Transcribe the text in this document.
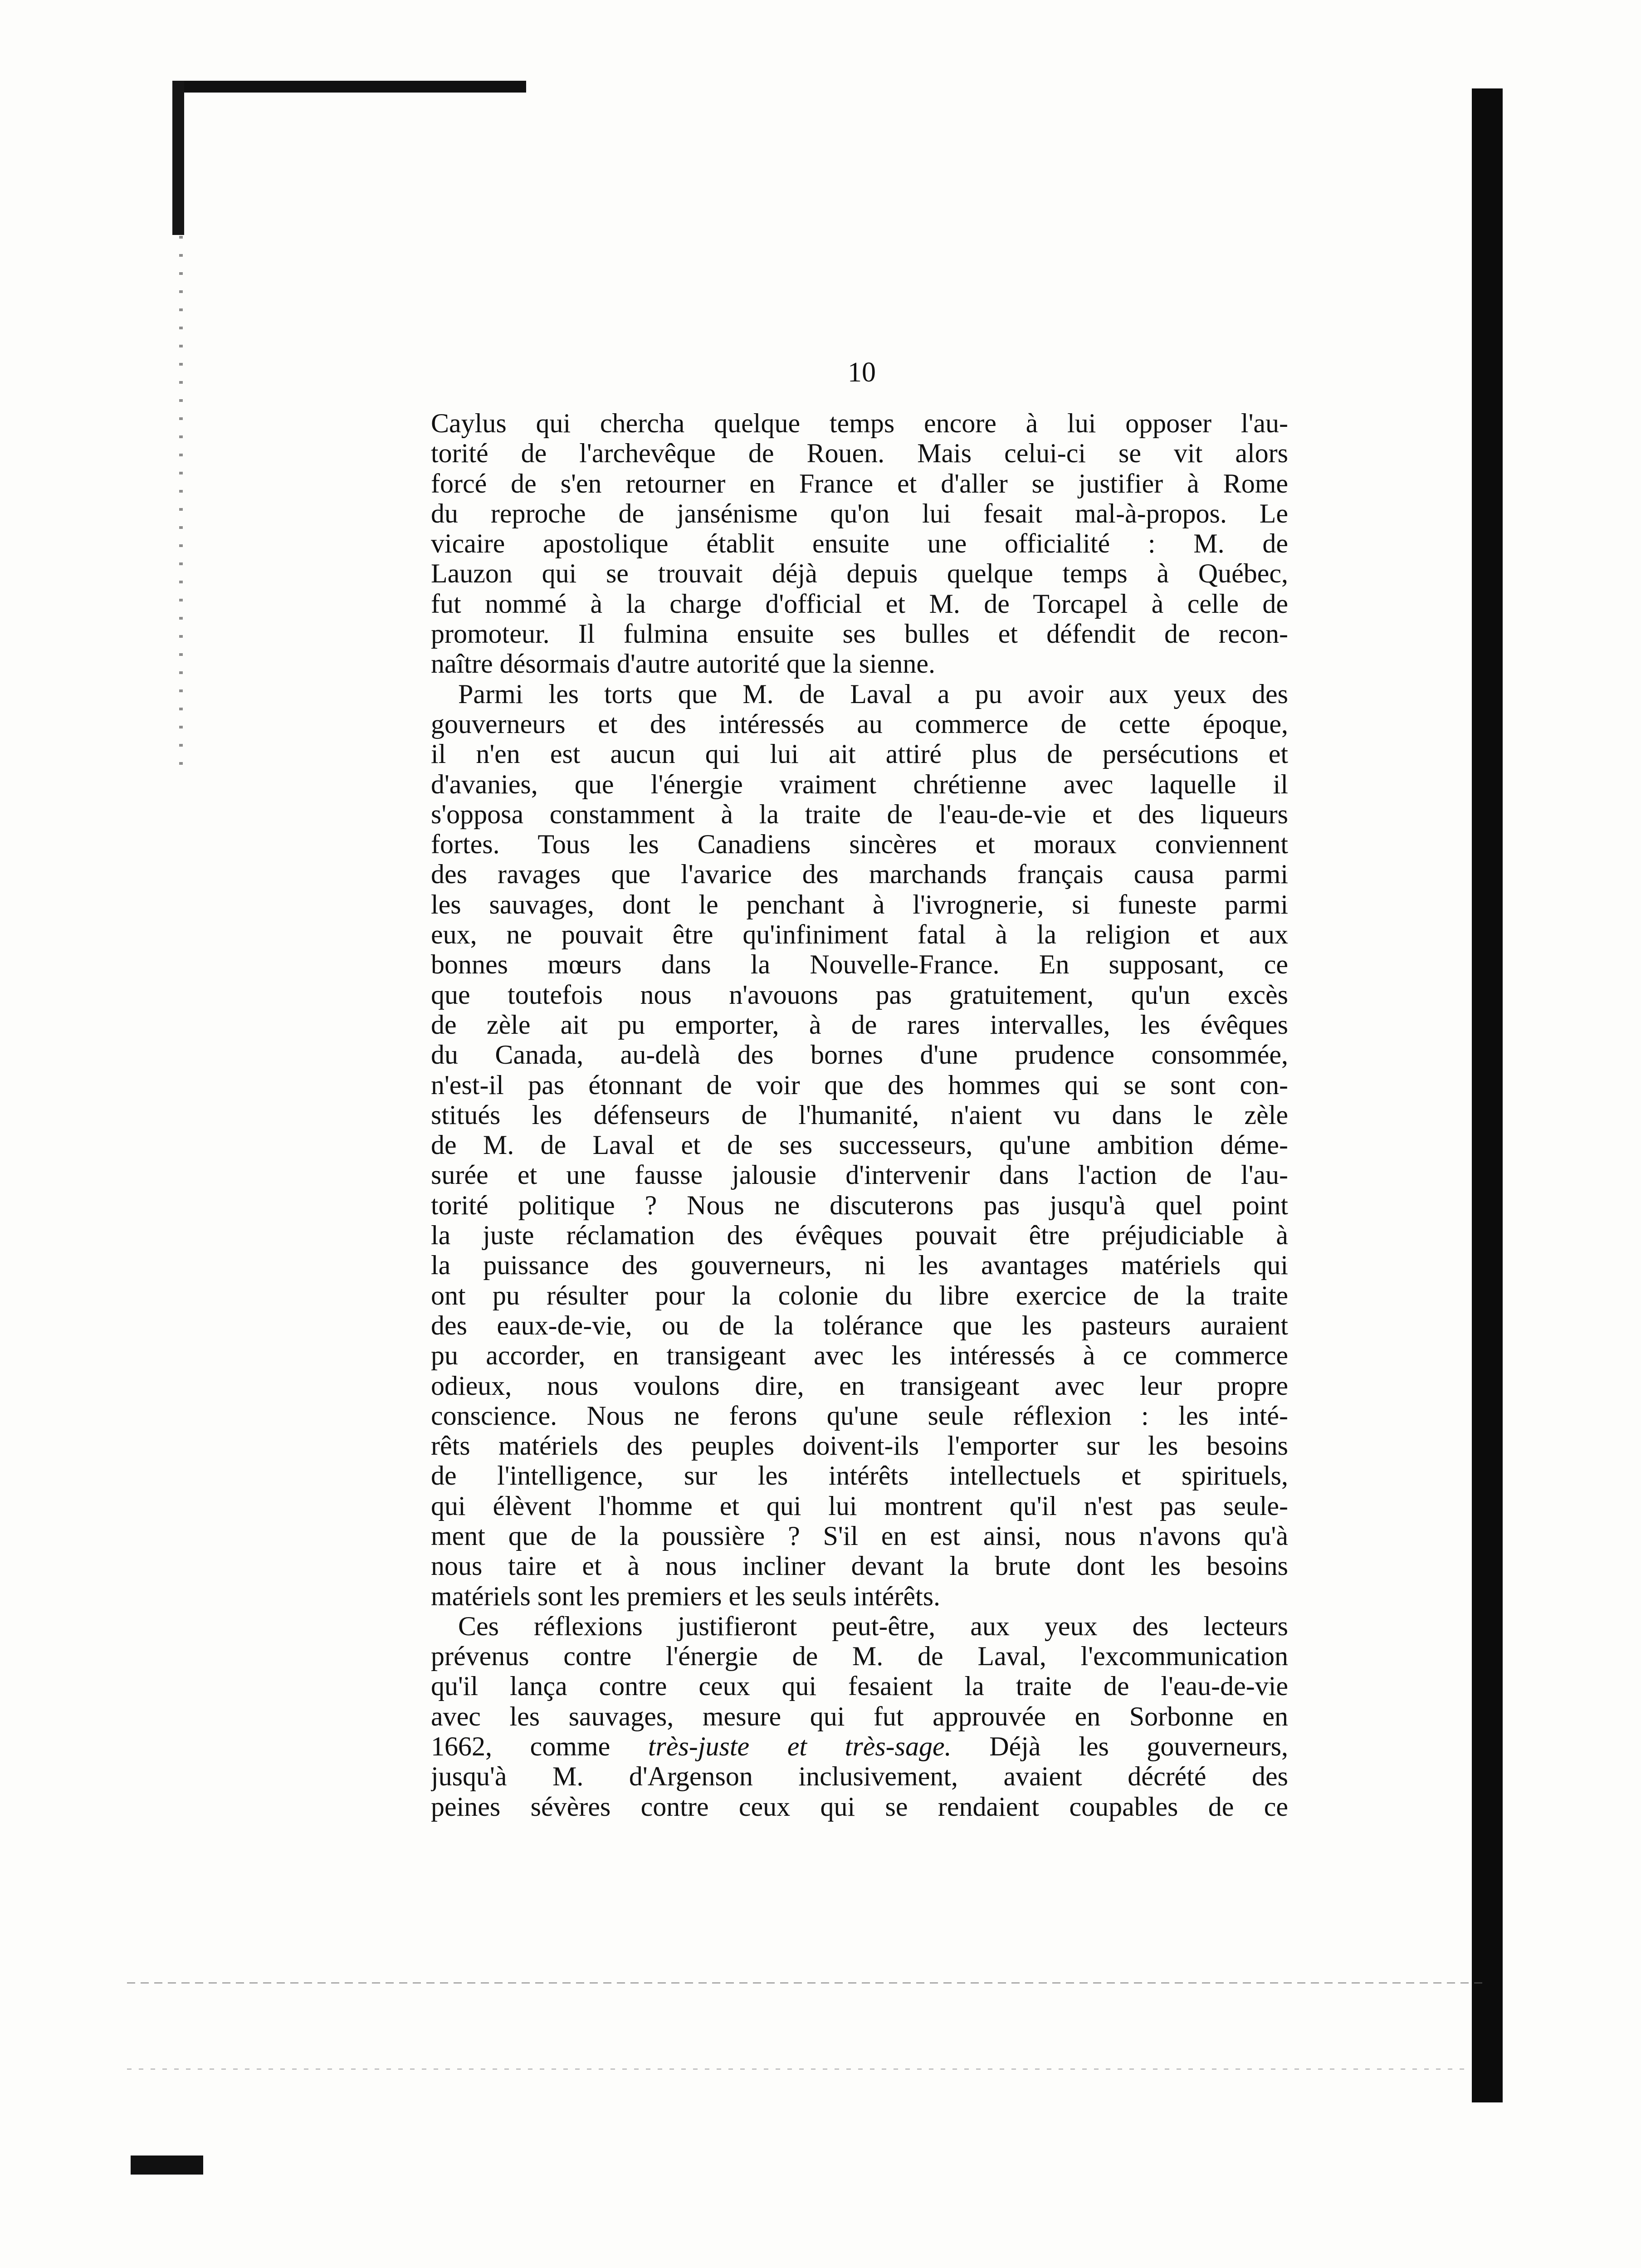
10
Caylus qui chercha quelque temps encore à lui opposer l'au-
torité de l'archevêque de Rouen. Mais celui-ci se vit alors
forcé de s'en retourner en France et d'aller se justifier à Rome
du reproche de jansénisme qu'on lui fesait mal-à-propos. Le
vicaire apostolique établit ensuite une officialité : M. de
Lauzon qui se trouvait déjà depuis quelque temps à Québec,
fut nommé à la charge d'official et M. de Torcapel à celle de
promoteur. Il fulmina ensuite ses bulles et défendit de recon-
naître désormais d'autre autorité que la sienne.
Parmi les torts que M. de Laval a pu avoir aux yeux des
gouverneurs et des intéressés au commerce de cette époque,
il n'en est aucun qui lui ait attiré plus de persécutions et
d'avanies, que l'énergie vraiment chrétienne avec laquelle il
s'opposa constamment à la traite de l'eau-de-vie et des liqueurs
fortes. Tous les Canadiens sincères et moraux conviennent
des ravages que l'avarice des marchands français causa parmi
les sauvages, dont le penchant à l'ivrognerie, si funeste parmi
eux, ne pouvait être qu'infiniment fatal à la religion et aux
bonnes mœurs dans la Nouvelle-France. En supposant, ce
que toutefois nous n'avouons pas gratuitement, qu'un excès
de zèle ait pu emporter, à de rares intervalles, les évêques
du Canada, au-delà des bornes d'une prudence consommée,
n'est-il pas étonnant de voir que des hommes qui se sont con-
stitués les défenseurs de l'humanité, n'aient vu dans le zèle
de M. de Laval et de ses successeurs, qu'une ambition déme-
surée et une fausse jalousie d'intervenir dans l'action de l'au-
torité politique ? Nous ne discuterons pas jusqu'à quel point
la juste réclamation des évêques pouvait être préjudiciable à
la puissance des gouverneurs, ni les avantages matériels qui
ont pu résulter pour la colonie du libre exercice de la traite
des eaux-de-vie, ou de la tolérance que les pasteurs auraient
pu accorder, en transigeant avec les intéressés à ce commerce
odieux, nous voulons dire, en transigeant avec leur propre
conscience. Nous ne ferons qu'une seule réflexion : les inté-
rêts matériels des peuples doivent-ils l'emporter sur les besoins
de l'intelligence, sur les intérêts intellectuels et spirituels,
qui élèvent l'homme et qui lui montrent qu'il n'est pas seule-
ment que de la poussière ? S'il en est ainsi, nous n'avons qu'à
nous taire et à nous incliner devant la brute dont les besoins
matériels sont les premiers et les seuls intérêts.
Ces réflexions justifieront peut-être, aux yeux des lecteurs
prévenus contre l'énergie de M. de Laval, l'excommunication
qu'il lança contre ceux qui fesaient la traite de l'eau-de-vie
avec les sauvages, mesure qui fut approuvée en Sorbonne en
1662, comme très-juste et très-sage. Déjà les gouverneurs,
jusqu'à M. d'Argenson inclusivement, avaient décrété des
peines sévères contre ceux qui se rendaient coupables de ce
